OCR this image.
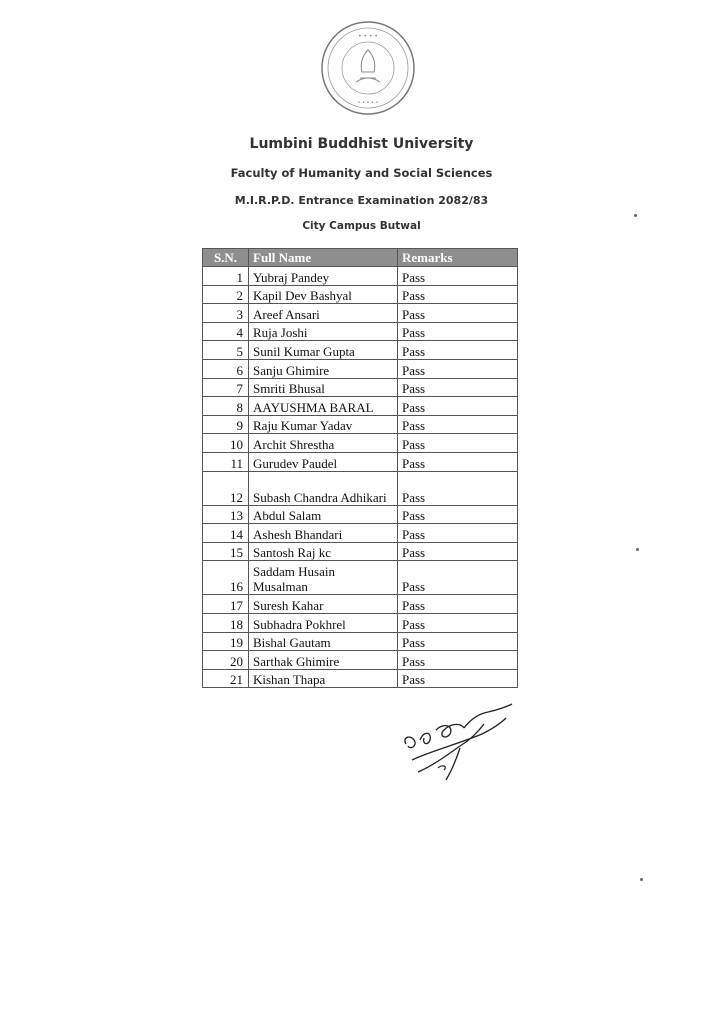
• • • •
• • • • •
Lumbini Buddhist University
Faculty of Humanity and Social Sciences
M.I.R.P.D. Entrance Examination 2082/83
City Campus Butwal
S.N.	Full Name	Remarks
1	Yubraj Pandey	Pass
2	Kapil Dev Bashyal	Pass
3	Areef Ansari	Pass
4	Ruja Joshi	Pass
5	Sunil Kumar Gupta	Pass
6	Sanju Ghimire	Pass
7	Smriti Bhusal	Pass
8	AAYUSHMA BARAL	Pass
9	Raju Kumar Yadav	Pass
10	Archit Shrestha	Pass
11	Gurudev Paudel	Pass
12	Subash Chandra Adhikari	Pass
13	Abdul Salam	Pass
14	Ashesh Bhandari	Pass
15	Santosh Raj kc	Pass
16	Saddam Husain Musalman	Pass
17	Suresh Kahar	Pass
18	Subhadra Pokhrel	Pass
19	Bishal Gautam	Pass
20	Sarthak Ghimire	Pass
21	Kishan Thapa	Pass
